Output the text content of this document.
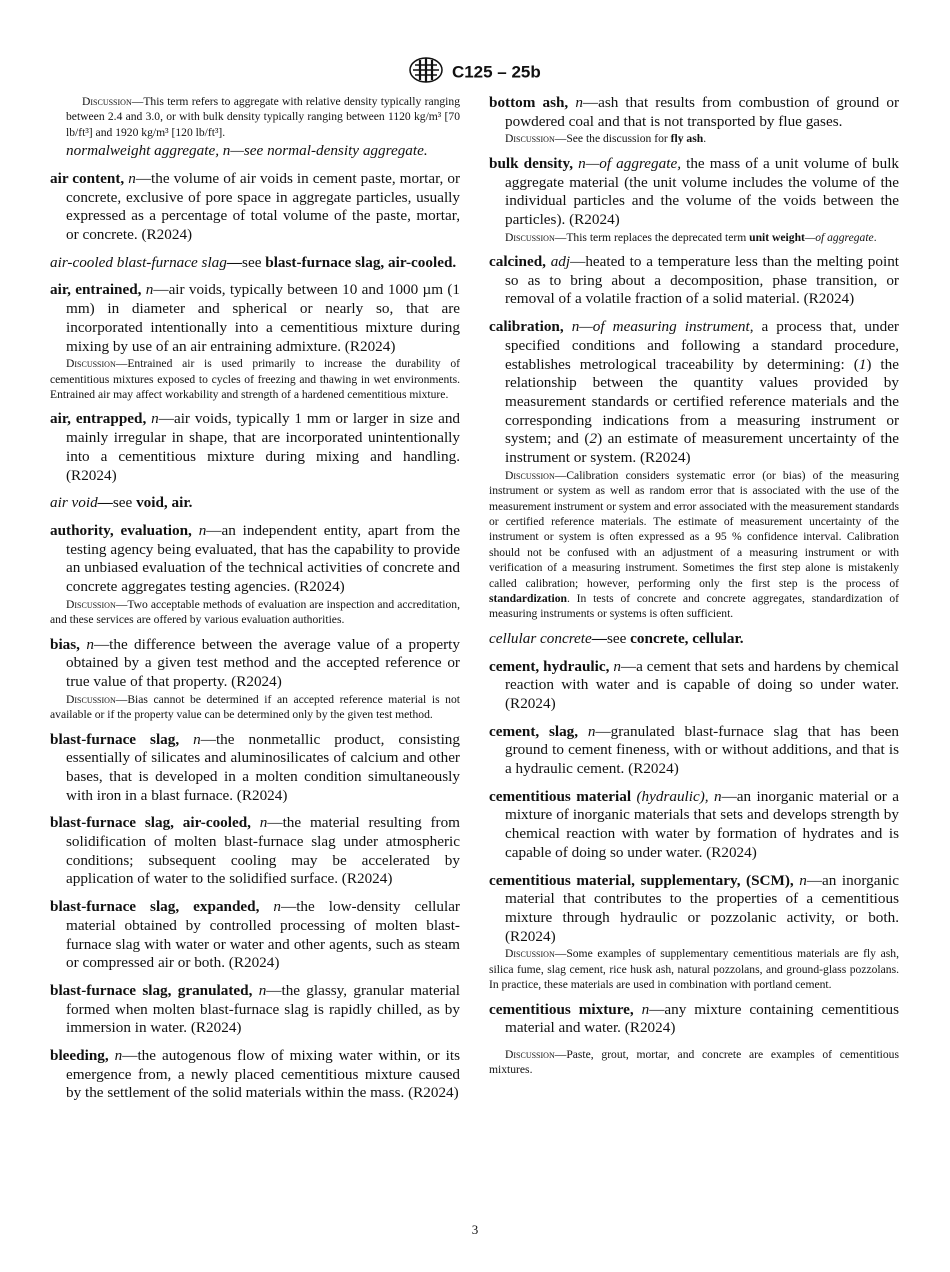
C125 – 25b

Discussion—This term refers to aggregate with relative density typically ranging between 2.4 and 3.0, or with bulk density typically ranging between 1120 kg/m³ [70 lb/ft³] and 1920 kg/m³ [120 lb/ft³].

normalweight aggregate, n—see normal-density aggregate.

air content, n—the volume of air voids in cement paste, mortar, or concrete, exclusive of pore space in aggregate particles, usually expressed as a percentage of total volume of the paste, mortar, or concrete. (R2024)

air-cooled blast-furnace slag—see blast-furnace slag, air-cooled.

air, entrained, n—air voids, typically between 10 and 1000 µm (1 mm) in diameter and spherical or nearly so, that are incorporated intentionally into a cementitious mixture during mixing by use of an air entraining admixture. (R2024)

Discussion—Entrained air is used primarily to increase the durability of cementitious mixtures exposed to cycles of freezing and thawing in wet environments. Entrained air may affect workability and strength of a hardened cementitious mixture.

air, entrapped, n—air voids, typically 1 mm or larger in size and mainly irregular in shape, that are incorporated unintentionally into a cementitious mixture during mixing and handling. (R2024)

air void—see void, air.

authority, evaluation, n—an independent entity, apart from the testing agency being evaluated, that has the capability to provide an unbiased evaluation of the technical activities of concrete and concrete aggregates testing agencies. (R2024)

Discussion—Two acceptable methods of evaluation are inspection and accreditation, and these services are offered by various evaluation authorities.

bias, n—the difference between the average value of a property obtained by a given test method and the accepted reference or true value of that property. (R2024)

Discussion—Bias cannot be determined if an accepted reference material is not available or if the property value can be determined only by the given test method.

blast-furnace slag, n—the nonmetallic product, consisting essentially of silicates and aluminosilicates of calcium and other bases, that is developed in a molten condition simultaneously with iron in a blast furnace. (R2024)

blast-furnace slag, air-cooled, n—the material resulting from solidification of molten blast-furnace slag under atmospheric conditions; subsequent cooling may be accelerated by application of water to the solidified surface. (R2024)

blast-furnace slag, expanded, n—the low-density cellular material obtained by controlled processing of molten blast-furnace slag with water or water and other agents, such as steam or compressed air or both. (R2024)

blast-furnace slag, granulated, n—the glassy, granular material formed when molten blast-furnace slag is rapidly chilled, as by immersion in water. (R2024)

bleeding, n—the autogenous flow of mixing water within, or its emergence from, a newly placed cementitious mixture caused by the settlement of the solid materials within the mass. (R2024)

bottom ash, n—ash that results from combustion of ground or powdered coal and that is not transported by flue gases.

Discussion—See the discussion for fly ash.

bulk density, n—of aggregate, the mass of a unit volume of bulk aggregate material (the unit volume includes the volume of the individual particles and the volume of the voids between the particles). (R2024)

Discussion—This term replaces the deprecated term unit weight—of aggregate.

calcined, adj—heated to a temperature less than the melting point so as to bring about a decomposition, phase transition, or removal of a volatile fraction of a solid material. (R2024)

calibration, n—of measuring instrument, a process that, under specified conditions and following a standard procedure, establishes metrological traceability by determining: (1) the relationship between the quantity values provided by measurement standards or certified reference materials and the corresponding indications from a measuring instrument or system; and (2) an estimate of measurement uncertainty of the instrument or system. (R2024)

Discussion—Calibration considers systematic error (or bias) of the measuring instrument or system as well as random error that is associated with the use of the measurement instrument or system and error associated with the measurement standards or certified reference materials. The estimate of measurement uncertainty of the instrument or system is often expressed as a 95 % confidence interval. Calibration should not be confused with an adjustment of a measuring instrument or with verification of a measuring instrument. Sometimes the first step alone is mistakenly called calibration; however, performing only the first step is the process of standardization. In tests of concrete and concrete aggregates, standardization of measuring instruments or systems is often sufficient.

cellular concrete—see concrete, cellular.

cement, hydraulic, n—a cement that sets and hardens by chemical reaction with water and is capable of doing so under water. (R2024)

cement, slag, n—granulated blast-furnace slag that has been ground to cement fineness, with or without additions, and that is a hydraulic cement. (R2024)

cementitious material (hydraulic), n—an inorganic material or a mixture of inorganic materials that sets and develops strength by chemical reaction with water by formation of hydrates and is capable of doing so under water. (R2024)

cementitious material, supplementary, (SCM), n—an inorganic material that contributes to the properties of a cementitious mixture through hydraulic or pozzolanic activity, or both. (R2024)

Discussion—Some examples of supplementary cementitious materials are fly ash, silica fume, slag cement, rice husk ash, natural pozzolans, and ground-glass pozzolans. In practice, these materials are used in combination with portland cement.

cementitious mixture, n—any mixture containing cementitious material and water. (R2024)

Discussion—Paste, grout, mortar, and concrete are examples of cementitious mixtures.

3
